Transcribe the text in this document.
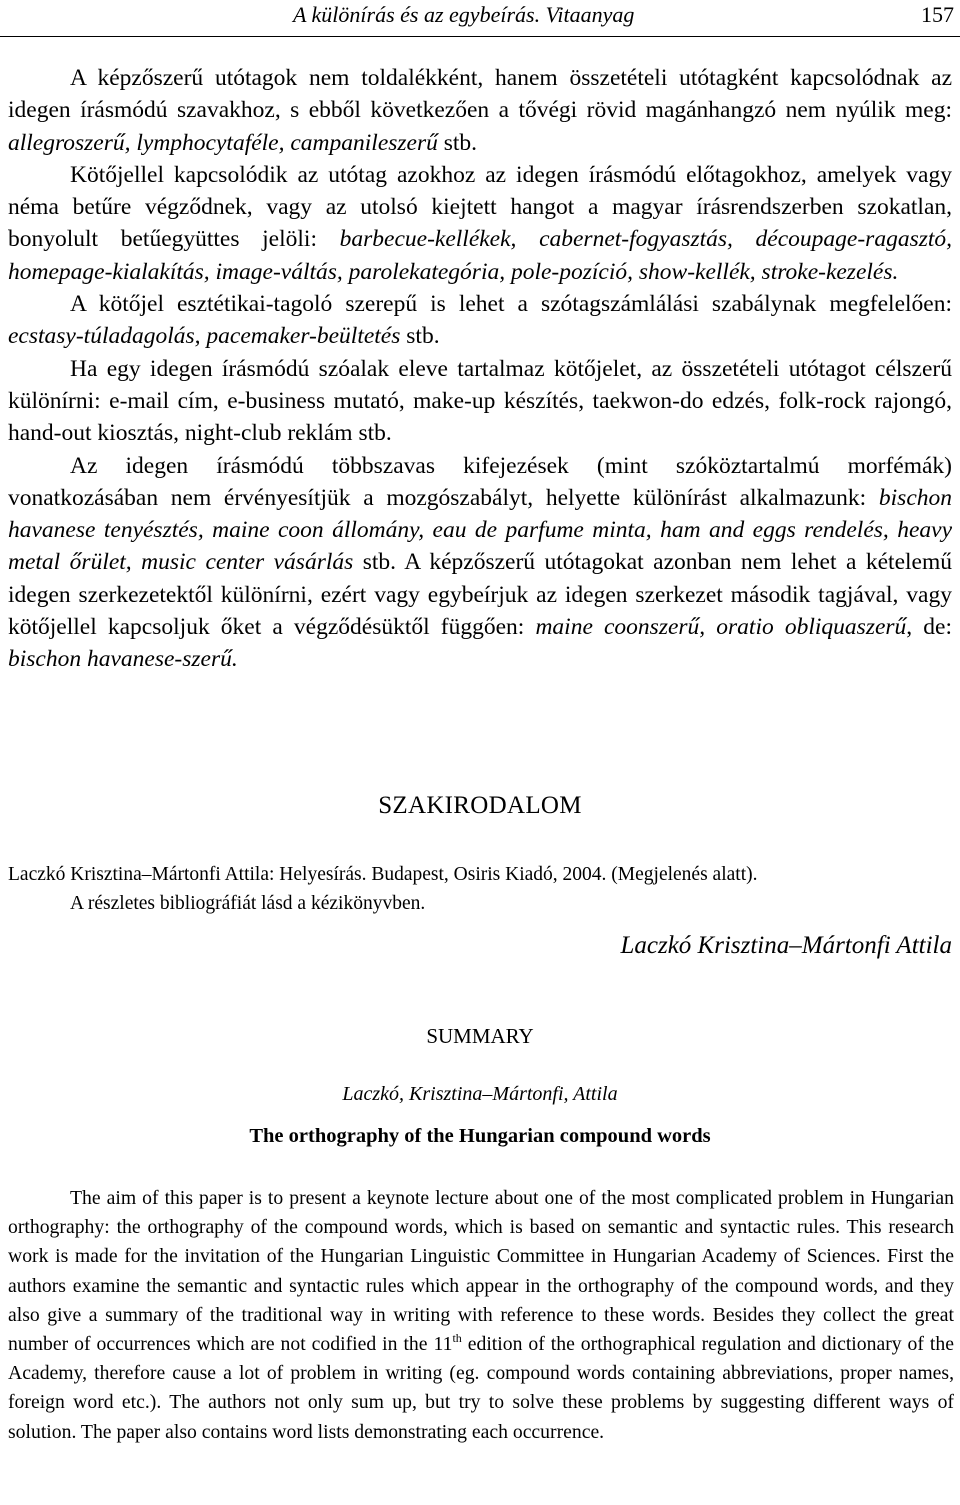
A különírás és az egybeírás. Vitaanyag	157

A képzőszerű utótagok nem toldalékként, hanem összetételi utótagként kapcsolódnak az idegen írásmódú szavakhoz, s ebből következően a tővégi rövid magánhangzó nem nyúlik meg: allegroszerű, lymphocytaféle, campanileszerű stb.

Kötőjellel kapcsolódik az utótag azokhoz az idegen írásmódú előtagokhoz, amelyek vagy néma betűre végződnek, vagy az utolsó kiejtett hangot a magyar írásrendszerben szokatlan, bonyolult betűegyüttes jelöli: barbecue-kellékek, cabernet-fogyasztás, découpage-ragasztó, homepage-kialakítás, image-váltás, parolekategória, pole-pozíció, show-kellék, stroke-kezelés.

A kötőjel esztétikai-tagoló szerepű is lehet a szótagszámlálási szabálynak megfelelően: ecstasy-túladagolás, pacemaker-beültetés stb.

Ha egy idegen írásmódú szóalak eleve tartalmaz kötőjelet, az összetételi utótagot célszerű különírni: e-mail cím, e-business mutató, make-up készítés, taekwon-do edzés, folk-rock rajongó, hand-out kiosztás, night-club reklám stb.

Az idegen írásmódú többszavas kifejezések (mint szóköztartalmú morfémák) vonatkozásában nem érvényesítjük a mozgószabályt, helyette különírást alkalmazunk: bischon havanese tenyésztés, maine coon állomány, eau de parfume minta, ham and eggs rendelés, heavy metal őrület, music center vásárlás stb. A képzőszerű utótagokat azonban nem lehet a kételemű idegen szerkezetektől különírni, ezért vagy egybeírjuk az idegen szerkezet második tagjával, vagy kötőjellel kapcsoljuk őket a végződésüktől függően: maine coonszerű, oratio obliquaszerű, de: bischon havanese-szerű.

SZAKIRODALOM
Laczkó Krisztina–Mártonfi Attila: Helyesírás. Budapest, Osiris Kiadó, 2004. (Megjelenés alatt).
A részletes bibliográfiát lásd a kézikönyvben.
Laczkó Krisztina–Mártonfi Attila
SUMMARY
Laczkó, Krisztina–Mártonfi, Attila
The orthography of the Hungarian compound words

The aim of this paper is to present a keynote lecture about one of the most complicated problem in Hungarian orthography: the orthography of the compound words, which is based on semantic and syntactic rules. This research work is made for the invitation of the Hungarian Linguistic Committee in Hungarian Academy of Sciences. First the authors examine the semantic and syntactic rules which appear in the orthography of the compound words, and they also give a summary of the traditional way in writing with reference to these words. Besides they collect the great number of occurrences which are not codified in the 11th edition of the orthographical regulation and dictionary of the Academy, therefore cause a lot of problem in writing (eg. compound words containing abbreviations, proper names, foreign word etc.). The authors not only sum up, but try to solve these problems by suggesting different ways of solution. The paper also contains word lists demonstrating each occurrence.
